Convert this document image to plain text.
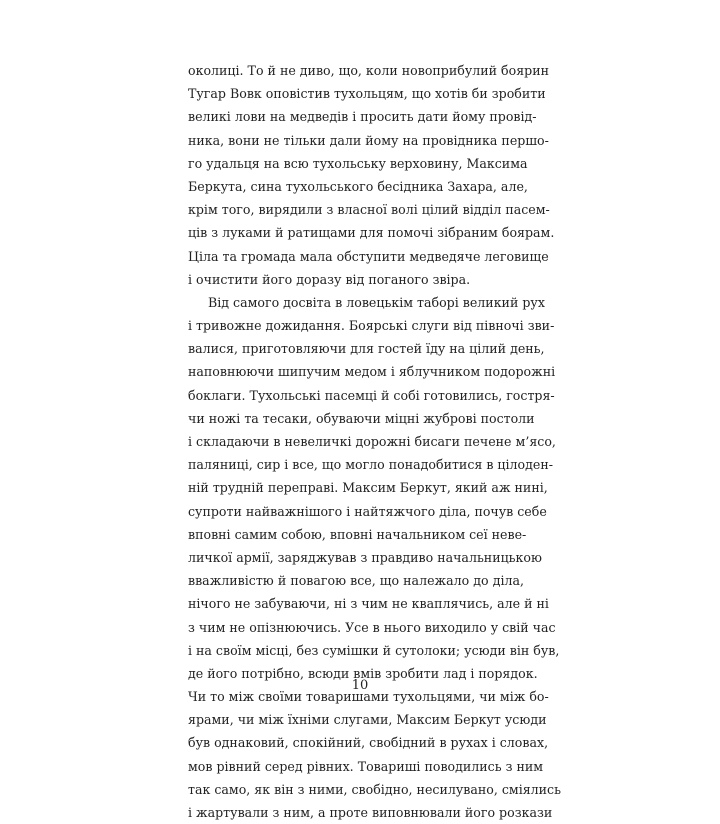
околиці. То й не диво, що, коли новоприбулий боярин
Тугар Вовк оповістив тухольцям, що хотів би зробити
великі лови на медведів і просить дати йому провід-
ника, вони не тільки дали йому на провідника першо-
го удальця на всю тухольську верховину, Максима
Беркута, сина тухольського бесідника Захара, але,
крім того, вирядили з власної волі цілий відділ пасем-
ців з луками й ратищами для помочі зібраним боярам.
Ціла та громада мала обступити медведяче леговище
і очистити його доразу від поганого звіра.
Від самого досвіта в ловецькім таборі великий рух
і тривожне дожидання. Боярські слуги від півночі зви-
валися, приготовляючи для гостей їду на цілий день,
наповнюючи шипучим медом і яблучником подорожні
боклаги. Тухольські пасемці й собі готовились, гостря-
чи ножі та тесаки, обуваючи міцні жуброві постоли
і складаючи в невеличкі дорожні бисаги печене м’ясо,
паляниці, сир і все, що могло понадобитися в цілоден-
ній трудній переправі. Максим Беркут, який аж нині,
супроти найважнішого і найтяжчого діла, почув себе
вповні самим собою, вповні начальником сеї неве-
личкої армії, заряджував з правдиво начальницькою
вважливістю й повагою все, що належало до діла,
нічого не забуваючи, ні з чим не кваплячись, але й ні
з чим не опізнюючись. Усе в нього виходило у свій час
і на своїм місці, без сумішки й сутолоки; усюди він був,
де його потрібно, всюди вмів зробити лад і порядок.
Чи то між своїми товаришами тухольцями, чи між бо-
ярами, чи між їхніми слугами, Максим Беркут усюди
був однаковий, спокійний, свобідний в рухах і словах,
мов рівний серед рівних. Товариші поводились з ним
так само, як він з ними, свобідно, несилувано, сміялись
і жартували з ним, а проте виповнювали його розкази
10
